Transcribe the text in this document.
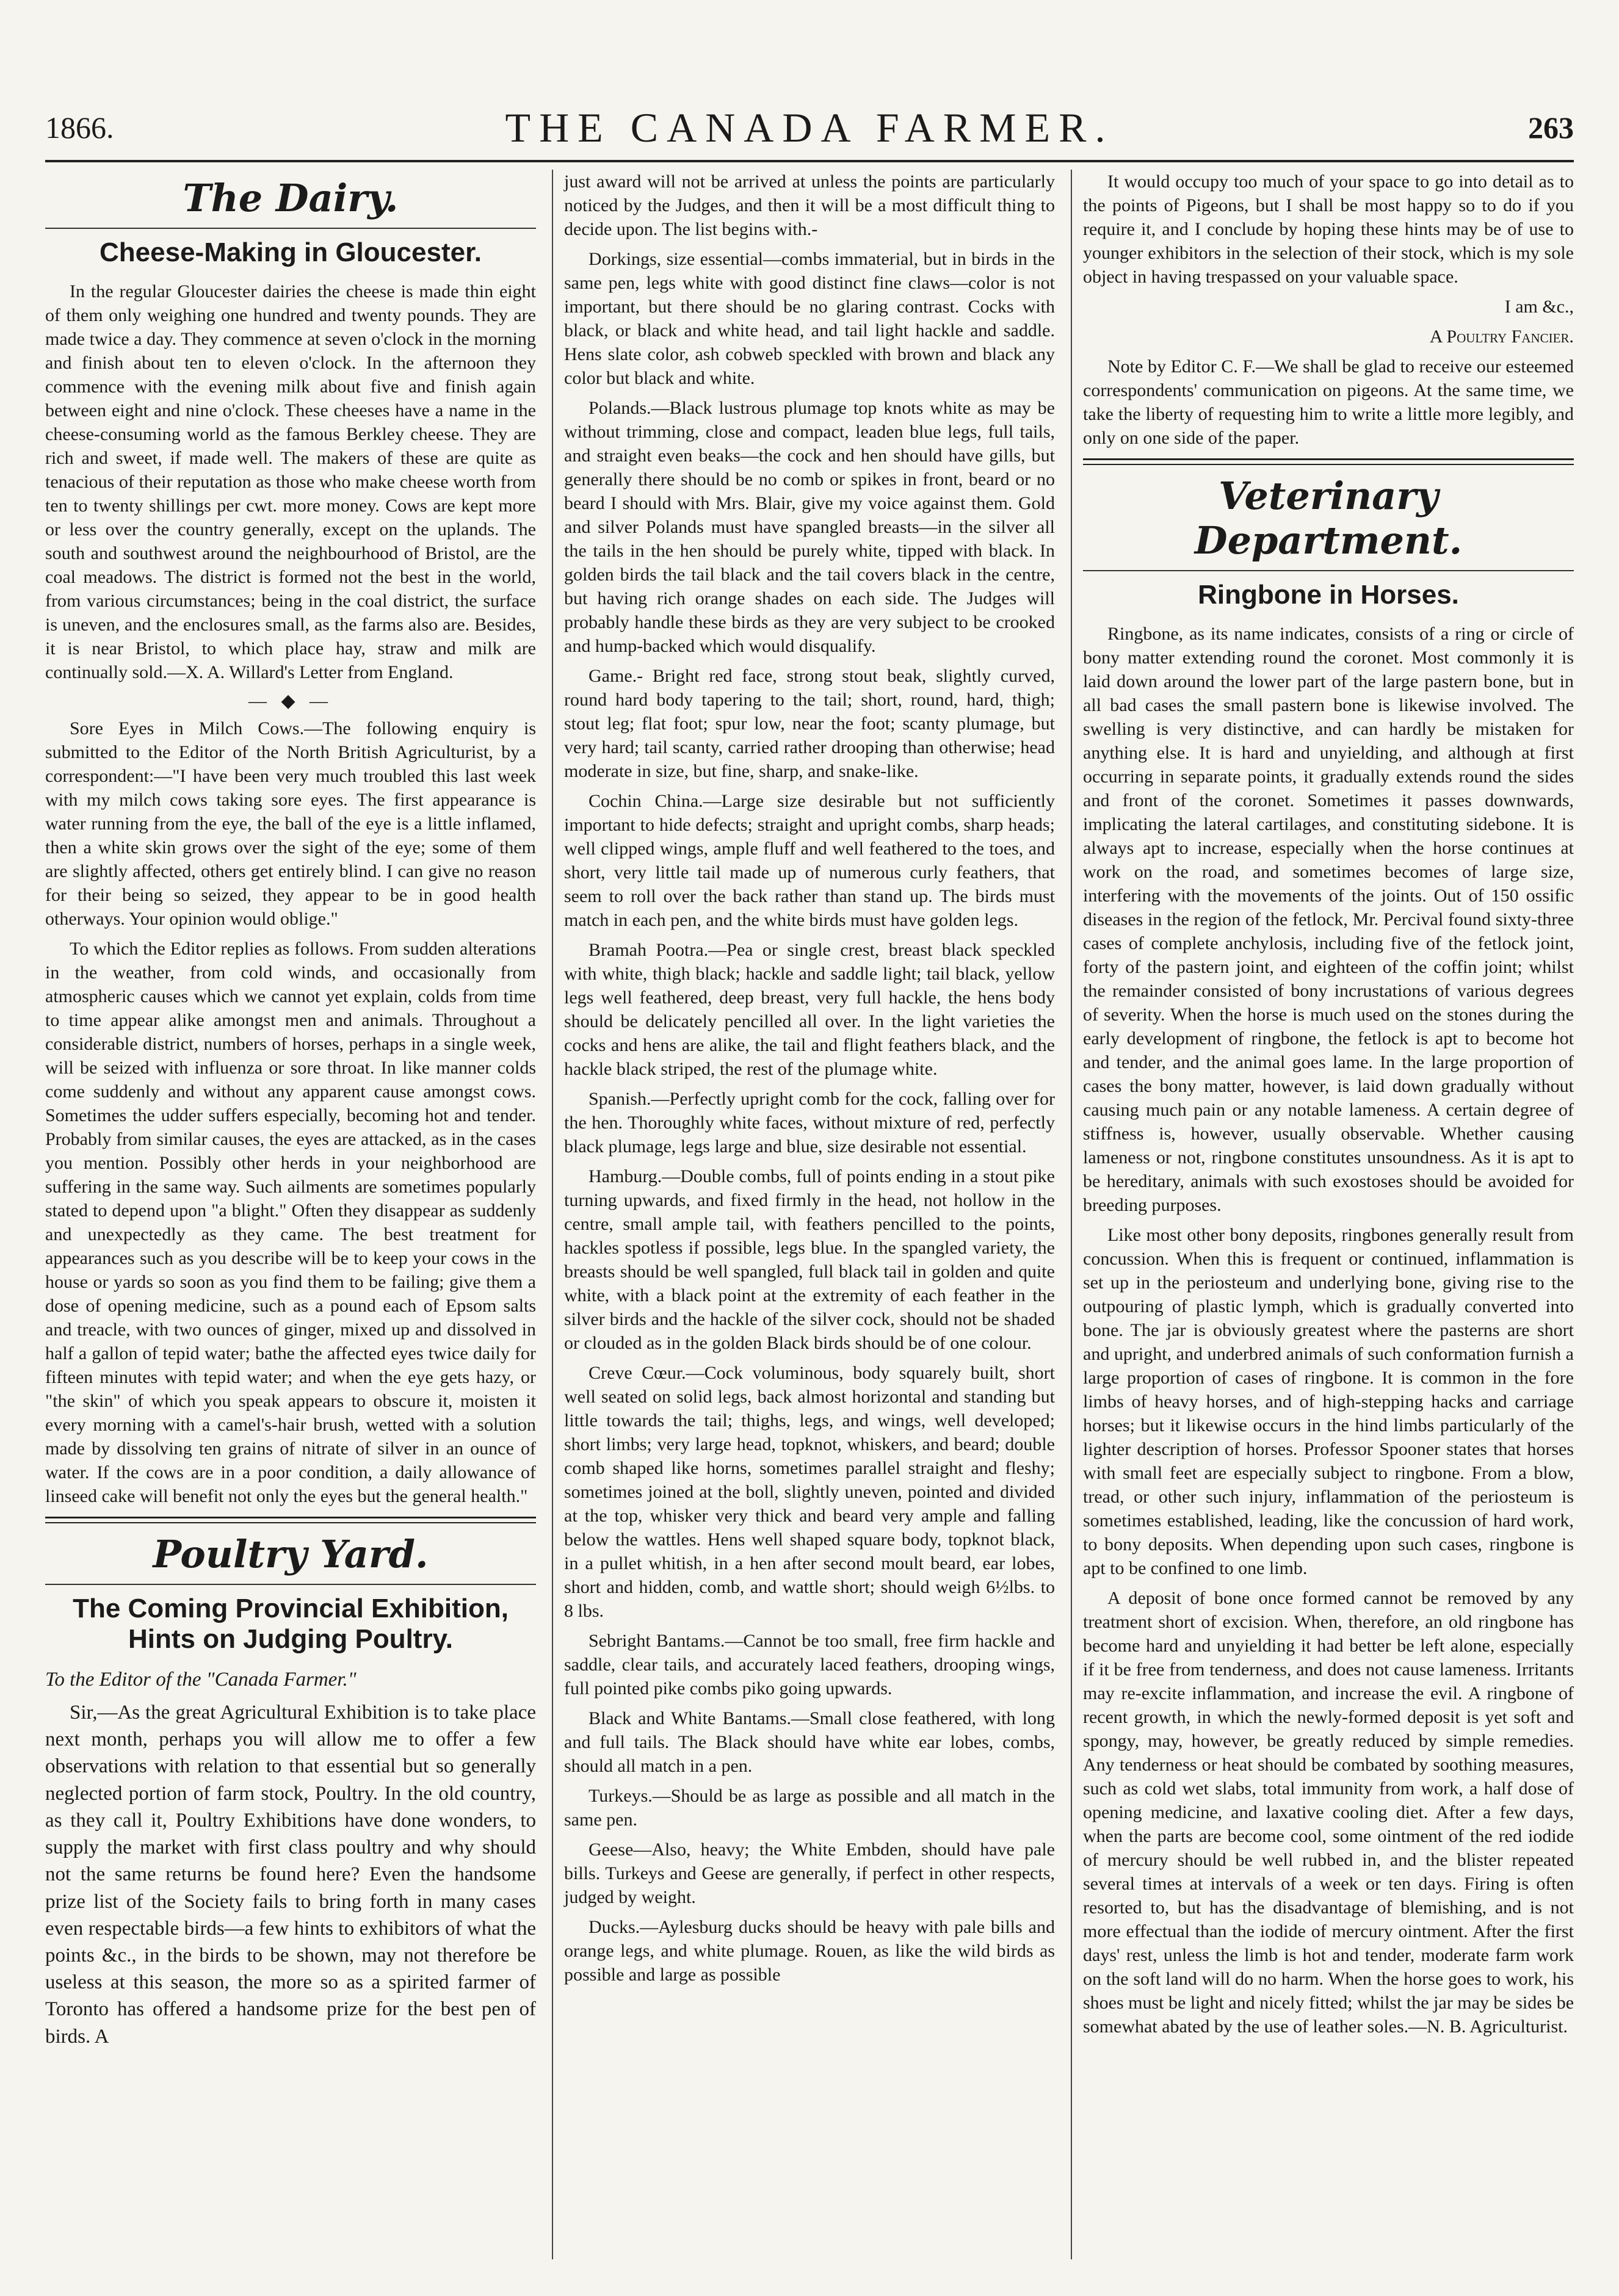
1866.	THE CANADA FARMER.	263
The Dairy.
Cheese-Making in Gloucester.

In the regular Gloucester dairies the cheese is made thin eight of them only weighing one hundred and twenty pounds. They are made twice a day. They commence at seven o'clock in the morning and finish about ten to eleven o'clock. In the afternoon they commence with the evening milk about five and finish again between eight and nine o'clock. These cheeses have a name in the cheese-consuming world as the famous Berkley cheese. They are rich and sweet, if made well. The makers of these are quite as tenacious of their reputation as those who make cheese worth from ten to twenty shillings per cwt. more money. Cows are kept more or less over the country generally, except on the uplands. The south and southwest around the neighbourhood of Bristol, are the coal meadows. The district is formed not the best in the world, from various circumstances; being in the coal district, the surface is uneven, and the enclosures small, as the farms also are. Besides, it is near Bristol, to which place hay, straw and milk are continually sold.—X. A. Willard's Letter from England.

— ◆ —

Sore Eyes in Milch Cows.—The following enquiry is submitted to the Editor of the North British Agriculturist, by a correspondent:—"I have been very much troubled this last week with my milch cows taking sore eyes. The first appearance is water running from the eye, the ball of the eye is a little inflamed, then a white skin grows over the sight of the eye; some of them are slightly affected, others get entirely blind. I can give no reason for their being so seized, they appear to be in good health otherways. Your opinion would oblige."

To which the Editor replies as follows. From sudden alterations in the weather, from cold winds, and occasionally from atmospheric causes which we cannot yet explain, colds from time to time appear alike amongst men and animals. Throughout a considerable district, numbers of horses, perhaps in a single week, will be seized with influenza or sore throat. In like manner colds come suddenly and without any apparent cause amongst cows. Sometimes the udder suffers especially, becoming hot and tender. Probably from similar causes, the eyes are attacked, as in the cases you mention. Possibly other herds in your neighborhood are suffering in the same way. Such ailments are sometimes popularly stated to depend upon "a blight." Often they disappear as suddenly and unexpectedly as they came. The best treatment for appearances such as you describe will be to keep your cows in the house or yards so soon as you find them to be failing; give them a dose of opening medicine, such as a pound each of Epsom salts and treacle, with two ounces of ginger, mixed up and dissolved in half a gallon of tepid water; bathe the affected eyes twice daily for fifteen minutes with tepid water; and when the eye gets hazy, or "the skin" of which you speak appears to obscure it, moisten it every morning with a camel's-hair brush, wetted with a solution made by dissolving ten grains of nitrate of silver in an ounce of water. If the cows are in a poor condition, a daily allowance of linseed cake will benefit not only the eyes but the general health."

Poultry Yard.
The Coming Provincial Exhibition, Hints on Judging Poultry.

To the Editor of the "Canada Farmer."

Sir,—As the great Agricultural Exhibition is to take place next month, perhaps you will allow me to offer a few observations with relation to that essential but so generally neglected portion of farm stock, Poultry. In the old country, as they call it, Poultry Exhibitions have done wonders, to supply the market with first class poultry and why should not the same returns be found here? Even the handsome prize list of the Society fails to bring forth in many cases even respectable birds—a few hints to exhibitors of what the points &c., in the birds to be shown, may not therefore be useless at this season, the more so as a spirited farmer of Toronto has offered a handsome prize for the best pen of birds. A

just award will not be arrived at unless the points are particularly noticed by the Judges, and then it will be a most difficult thing to decide upon. The list begins with.-

Dorkings, size essential—combs immaterial, but in birds in the same pen, legs white with good distinct fine claws—color is not important, but there should be no glaring contrast. Cocks with black, or black and white head, and tail light hackle and saddle. Hens slate color, ash cobweb speckled with brown and black any color but black and white.

Polands.—Black lustrous plumage top knots white as may be without trimming, close and compact, leaden blue legs, full tails, and straight even beaks—the cock and hen should have gills, but generally there should be no comb or spikes in front, beard or no beard I should with Mrs. Blair, give my voice against them. Gold and silver Polands must have spangled breasts—in the silver all the tails in the hen should be purely white, tipped with black. In golden birds the tail black and the tail covers black in the centre, but having rich orange shades on each side. The Judges will probably handle these birds as they are very subject to be crooked and hump-backed which would disqualify.

Game.- Bright red face, strong stout beak, slightly curved, round hard body tapering to the tail; short, round, hard, thigh; stout leg; flat foot; spur low, near the foot; scanty plumage, but very hard; tail scanty, carried rather drooping than otherwise; head moderate in size, but fine, sharp, and snake-like.

Cochin China.—Large size desirable but not sufficiently important to hide defects; straight and upright combs, sharp heads; well clipped wings, ample fluff and well feathered to the toes, and short, very little tail made up of numerous curly feathers, that seem to roll over the back rather than stand up. The birds must match in each pen, and the white birds must have golden legs.

Bramah Pootra.—Pea or single crest, breast black speckled with white, thigh black; hackle and saddle light; tail black, yellow legs well feathered, deep breast, very full hackle, the hens body should be delicately pencilled all over. In the light varieties the cocks and hens are alike, the tail and flight feathers black, and the hackle black striped, the rest of the plumage white.

Spanish.—Perfectly upright comb for the cock, falling over for the hen. Thoroughly white faces, without mixture of red, perfectly black plumage, legs large and blue, size desirable not essential.

Hamburg.—Double combs, full of points ending in a stout pike turning upwards, and fixed firmly in the head, not hollow in the centre, small ample tail, with feathers pencilled to the points, hackles spotless if possible, legs blue. In the spangled variety, the breasts should be well spangled, full black tail in golden and quite white, with a black point at the extremity of each feather in the silver birds and the hackle of the silver cock, should not be shaded or clouded as in the golden Black birds should be of one colour.

Creve Cœur.—Cock voluminous, body squarely built, short well seated on solid legs, back almost horizontal and standing but little towards the tail; thighs, legs, and wings, well developed; short limbs; very large head, topknot, whiskers, and beard; double comb shaped like horns, sometimes parallel straight and fleshy; sometimes joined at the boll, slightly uneven, pointed and divided at the top, whisker very thick and beard very ample and falling below the wattles. Hens well shaped square body, topknot black, in a pullet whitish, in a hen after second moult beard, ear lobes, short and hidden, comb, and wattle short; should weigh 6½lbs. to 8 lbs.

Sebright Bantams.—Cannot be too small, free firm hackle and saddle, clear tails, and accurately laced feathers, drooping wings, full pointed pike combs piko going upwards.

Black and White Bantams.—Small close feathered, with long and full tails. The Black should have white ear lobes, combs, should all match in a pen.

Turkeys.—Should be as large as possible and all match in the same pen.

Geese—Also, heavy; the White Embden, should have pale bills. Turkeys and Geese are generally, if perfect in other respects, judged by weight.

Ducks.—Aylesburg ducks should be heavy with pale bills and orange legs, and white plumage. Rouen, as like the wild birds as possible and large as possible

It would occupy too much of your space to go into detail as to the points of Pigeons, but I shall be most happy so to do if you require it, and I conclude by hoping these hints may be of use to younger exhibitors in the selection of their stock, which is my sole object in having trespassed on your valuable space.

I am &c.,

A Poultry Fancier.

Note by Editor C. F.—We shall be glad to receive our esteemed correspondents' communication on pigeons. At the same time, we take the liberty of requesting him to write a little more legibly, and only on one side of the paper.

Veterinary Department.
Ringbone in Horses.

Ringbone, as its name indicates, consists of a ring or circle of bony matter extending round the coronet. Most commonly it is laid down around the lower part of the large pastern bone, but in all bad cases the small pastern bone is likewise involved. The swelling is very distinctive, and can hardly be mistaken for anything else. It is hard and unyielding, and although at first occurring in separate points, it gradually extends round the sides and front of the coronet. Sometimes it passes downwards, implicating the lateral cartilages, and constituting sidebone. It is always apt to increase, especially when the horse continues at work on the road, and sometimes becomes of large size, interfering with the movements of the joints. Out of 150 ossific diseases in the region of the fetlock, Mr. Percival found sixty-three cases of complete anchylosis, including five of the fetlock joint, forty of the pastern joint, and eighteen of the coffin joint; whilst the remainder consisted of bony incrustations of various degrees of severity. When the horse is much used on the stones during the early development of ringbone, the fetlock is apt to become hot and tender, and the animal goes lame. In the large proportion of cases the bony matter, however, is laid down gradually without causing much pain or any notable lameness. A certain degree of stiffness is, however, usually observable. Whether causing lameness or not, ringbone constitutes unsoundness. As it is apt to be hereditary, animals with such exostoses should be avoided for breeding purposes.

Like most other bony deposits, ringbones generally result from concussion. When this is frequent or continued, inflammation is set up in the periosteum and underlying bone, giving rise to the outpouring of plastic lymph, which is gradually converted into bone. The jar is obviously greatest where the pasterns are short and upright, and underbred animals of such conformation furnish a large proportion of cases of ringbone. It is common in the fore limbs of heavy horses, and of high-stepping hacks and carriage horses; but it likewise occurs in the hind limbs particularly of the lighter description of horses. Professor Spooner states that horses with small feet are especially subject to ringbone. From a blow, tread, or other such injury, inflammation of the periosteum is sometimes established, leading, like the concussion of hard work, to bony deposits. When depending upon such cases, ringbone is apt to be confined to one limb.

A deposit of bone once formed cannot be removed by any treatment short of excision. When, therefore, an old ringbone has become hard and unyielding it had better be left alone, especially if it be free from tenderness, and does not cause lameness. Irritants may re-excite inflammation, and increase the evil. A ringbone of recent growth, in which the newly-formed deposit is yet soft and spongy, may, however, be greatly reduced by simple remedies. Any tenderness or heat should be combated by soothing measures, such as cold wet slabs, total immunity from work, a half dose of opening medicine, and laxative cooling diet. After a few days, when the parts are become cool, some ointment of the red iodide of mercury should be well rubbed in, and the blister repeated several times at intervals of a week or ten days. Firing is often resorted to, but has the disadvantage of blemishing, and is not more effectual than the iodide of mercury ointment. After the first days' rest, unless the limb is hot and tender, moderate farm work on the soft land will do no harm. When the horse goes to work, his shoes must be light and nicely fitted; whilst the jar may be sides be somewhat abated by the use of leather soles.—N. B. Agriculturist.
